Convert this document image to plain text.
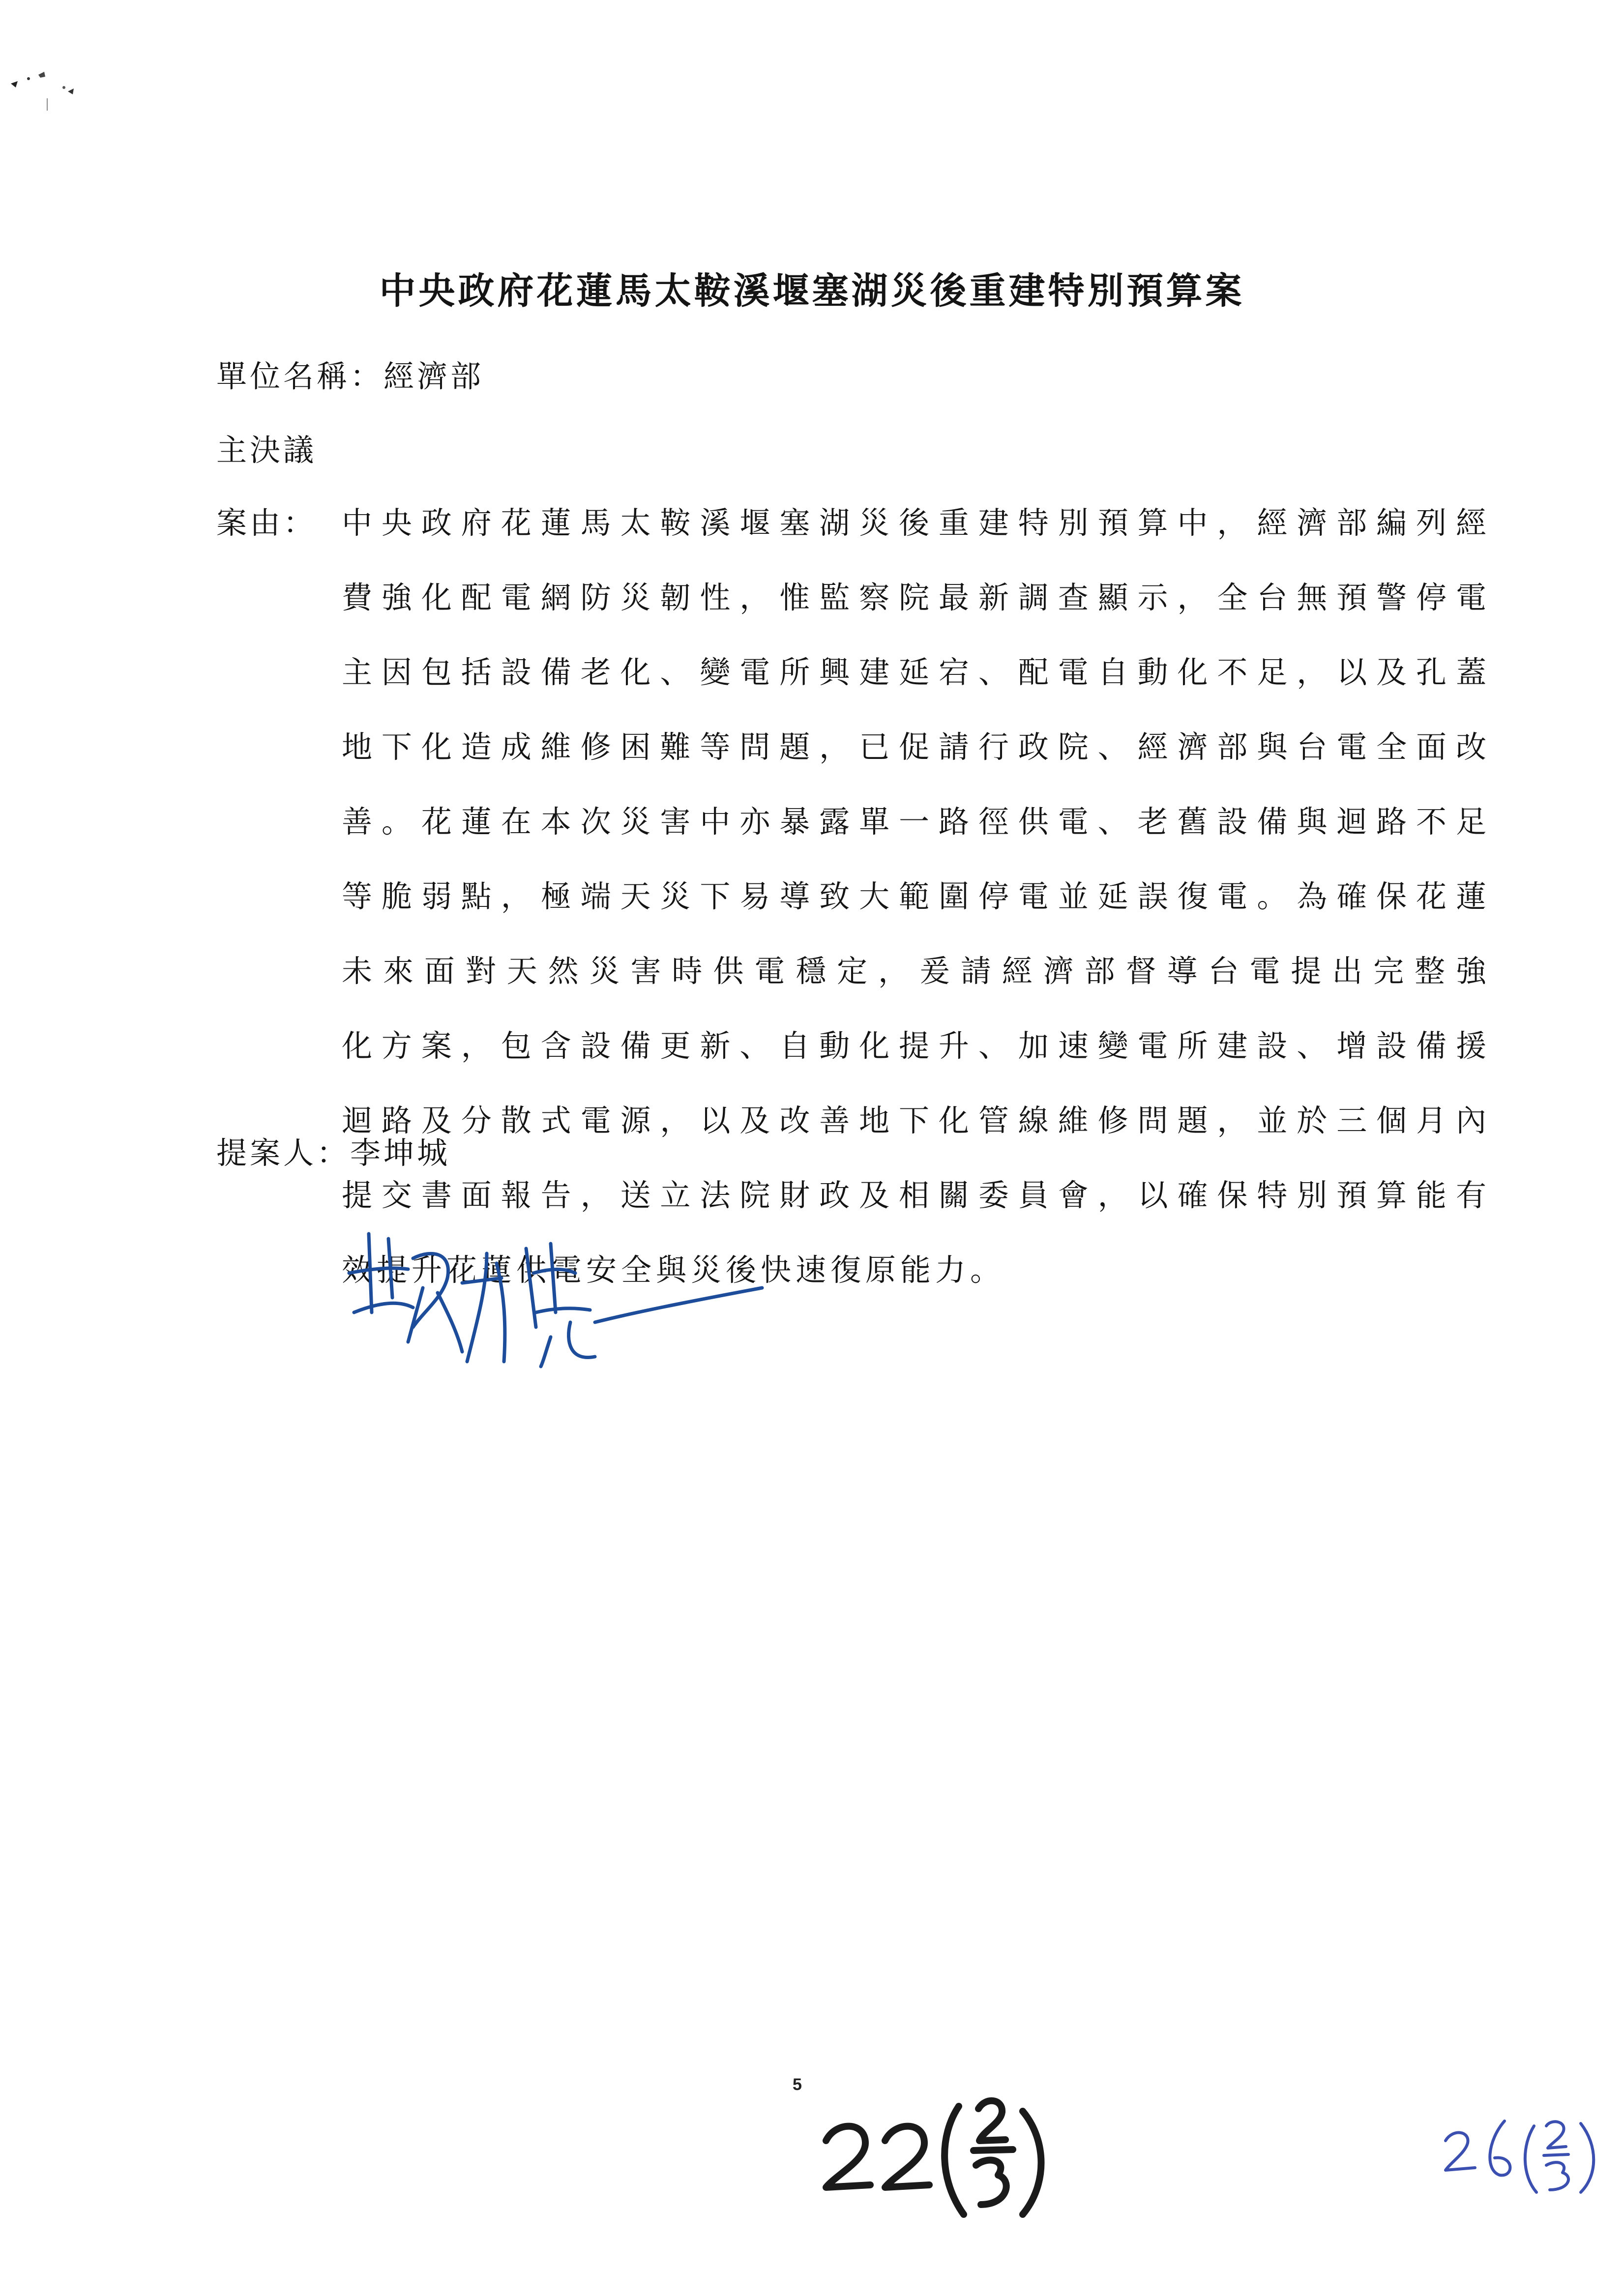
中央政府花蓮馬太鞍溪堰塞湖災後重建特別預算案
單位名稱：經濟部
主決議
案由： 中央政府花蓮馬太鞍溪堰塞湖災後重建特別預算中，經濟部編列經
費強化配電網防災韌性，惟監察院最新調查顯示，全台無預警停電
主因包括設備老化、變電所興建延宕、配電自動化不足，以及孔蓋
地下化造成維修困難等問題，已促請行政院、經濟部與台電全面改
善。花蓮在本次災害中亦暴露單一路徑供電、老舊設備與迴路不足
等脆弱點，極端天災下易導致大範圍停電並延誤復電。為確保花蓮
未來面對天然災害時供電穩定，爰請經濟部督導台電提出完整強
化方案，包含設備更新、自動化提升、加速變電所建設、增設備援
迴路及分散式電源，以及改善地下化管線維修問題，並於三個月內
提交書面報告，送立法院財政及相關委員會，以確保特別預算能有
效提升花蓮供電安全與災後快速復原能力。
提案人：李坤城
5
